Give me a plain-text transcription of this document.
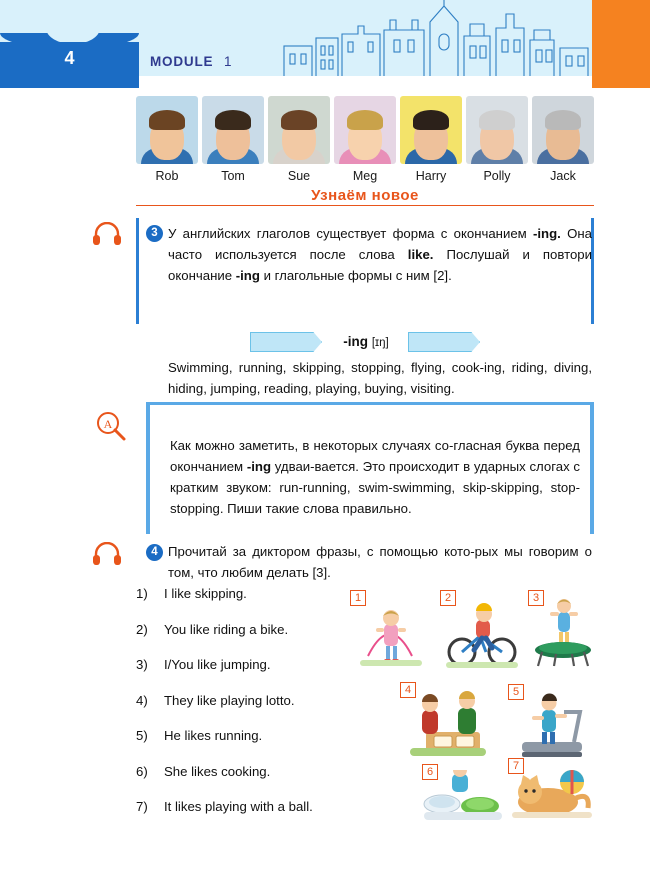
4	MODULE 1
Rob	Tom	Sue	Meg	Harry	Polly	Jack
Узнаём новое
3 У английских глаголов существует форма с окончанием -ing. Она часто используется после слова like. Послушай и повтори окончание -ing и глагольные формы с ним [2].
-ing [ɪŋ]
Swimming, running, skipping, stopping, flying, cook-ing, riding, diving, hiding, jumping, reading, playing, buying, visiting.
A
Как можно заметить, в некоторых случаях со-гласная буква перед окончанием -ing удваи-вается. Это происходит в ударных слогах с кратким звуком: run-running, swim-swimming, skip-skipping, stop-stopping. Пиши такие слова правильно.
4 Прочитай за диктором фразы, с помощью кото-рых мы говорим о том, что любим делать [3].
1)	I like skipping.
2)	You like riding a bike.
3)	I/You like jumping.
4)	They like playing lotto.
5)	He likes running.
6)	She likes cooking.
7)	It likes playing with a ball.
1	2	3
4	5
6	7
